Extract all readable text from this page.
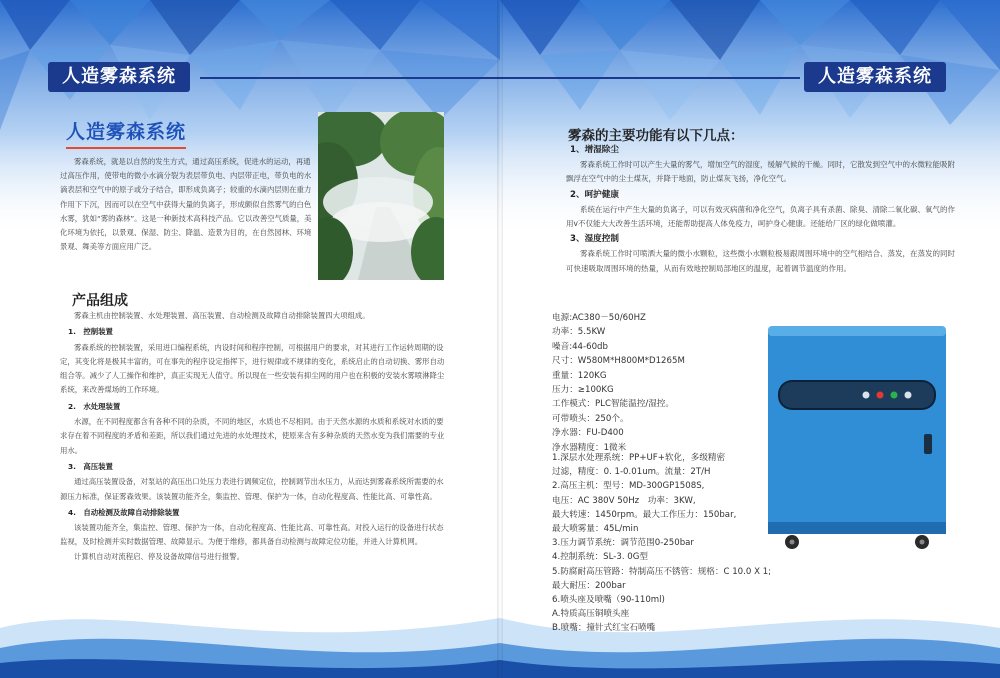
人造雾森系统
人造雾森系统

雾森系统，就是以自然的发生方式，通过高压系统，促进水的运动，再通过高压作用，使带电的微小水滴分裂为表层带负电、内层带正电，带负电的水滴表层和空气中的原子或分子结合，即形成负离子；较重的水滴内层则在重力作用下下沉，因而可以在空气中获得大量的负离子，形成颇似自然雾气的白色水雾，犹如“雾的森林”。这是一种新技术高科技产品。它以改善空气质量，美化环境为依托，以景观、保湿、防尘、降温、造景为目的，在自然园林、环境景观、舞美等方面应用广泛。

产品组成

雾森主机由控制装置、水处理装置、高压装置、自动检测及故障自动排除装置四大项组成。

1.　控制装置

雾森系统的控制装置，采用进口编程系统，内设时间和程序控制，可根据用户的要求，对其进行工作运转周期的设定，其变化将是极其丰富的，可在事先的程序设定指挥下，进行规律或不规律的变化，系统启止的自动切换、雾形自动组合等。减少了人工操作和维护，真正实现无人值守。所以现在一些安装有抑尘网的用户也在积极的安装水雾喷淋降尘系统，来改善煤场的工作环境。

2.　水处理装置

水源，在不同程度都含有各种不同的杂质，不同的地区，水质也不尽相同。由于天然水源的水质和系统对水质的要求存在着不同程度的矛盾和差距，所以我们通过先进的水处理技术，使原来含有多种杂质的天然水变为我们需要的专业用水。

3.　高压装置

通过高压装置设备，对泵站的高压出口处压力表进行调频定位，控制调节出水压力，从而达到雾森系统所需要的水源压力标准，保证雾森效果。该装置功能齐全，集监控、管理、保护为一体，自动化程度高、性能比高、可靠性高。

4.　自动检测及故障自动排除装置

该装置功能齐全，集监控、管理、保护为一体，自动化程度高、性能比高、可靠性高。对投入运行的设备进行状态监视，及时检测并实时数据管理、故障显示。为便于维修，都具备自动检测与故障定位功能，并进入计算机网。

计算机自动对流程启、停及设备故障信号进行报警。

人造雾森系统
雾森的主要功能有以下几点：
1、增湿除尘

雾森系统工作时可以产生大量的雾气，增加空气的湿度，缓解气候的干燥。同时，它散发到空气中的水微粒能吸附飘浮在空气中的尘土煤灰，并降于地面，防止煤灰飞扬，净化空气。

2、呵护健康

系统在运行中产生大量的负离子，可以有效灭病菌和净化空气，负离子具有杀菌、除臭、清除二氧化碳、氧气的作用v不仅能大大改善生活环境，还能帮助提高人体免疫力，呵护身心健康。还能给厂区的绿化做喷灌。

3、湿度控制

雾森系统工作时可喷洒大量的微小水颗粒，这些微小水颗粒极易跟周围环境中的空气相结合、蒸发，在蒸发的同时可快速吸取周围环境的热量，从而有效地控制局部地区的温度，起着调节温度的作用。

电源:AC380－50/60HZ
功率：5.5KW
噪音:44-60db
尺寸：W580M*H800M*D1265M
重量：120KG
压力：≥100KG
工作模式：PLC智能温控/湿控。
可带喷头：250个。
净水器：FU-D400
净水器精度：1微米
1.深层水处理系统：PP+UF+软化，多级精密
过滤，精度：0. 1-0.01um。流量：2T/H
2.高压主机：型号：MD-300GP1508S,
电压：AC 380V 50Hz　功率：3KW,
最大转速：1450rpm。最大工作压力：150bar,
最大喷雾量：45L/min
3.压力调节系统：调节范围0-250bar
4.控制系统：SL-3. 0G型
5.防腐耐高压管路：特制高压不锈管：规格：C 10.0 X 1;
最大耐压：200bar
6.喷头座及喷嘴（90-110ml)
A.特质高压铜喷头座
B.喷嘴：撞针式红宝石喷嘴
